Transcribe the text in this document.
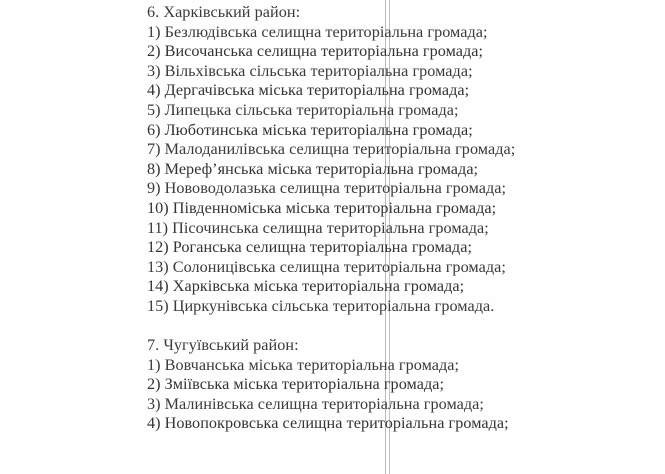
6. Харківський район:
1) Безлюдівська селищна територіальна громада;
2) Височанська селищна територіальна громада;
3) Вільхівська сільська територіальна громада;
4) Дергачівська міська територіальна громада;
5) Липецька сільська територіальна громада;
6) Люботинська міська територіальна громада;
7) Малоданилівська селищна територіальна громада;
8) Мереф’янська міська територіальна громада;
9) Нововодолазька селищна територіальна громада;
10) Південноміська міська територіальна громада;
11) Пісочинська селищна територіальна громада;
12) Роганська селищна територіальна громада;
13) Солоницівська селищна територіальна громада;
14) Харківська міська територіальна громада;
15) Циркунівська сільська територіальна громада.
7. Чугуївський район:
1) Вовчанська міська територіальна громада;
2) Зміївська міська територіальна громада;
3) Малинівська селищна територіальна громада;
4) Новопокровська селищна територіальна громада;
